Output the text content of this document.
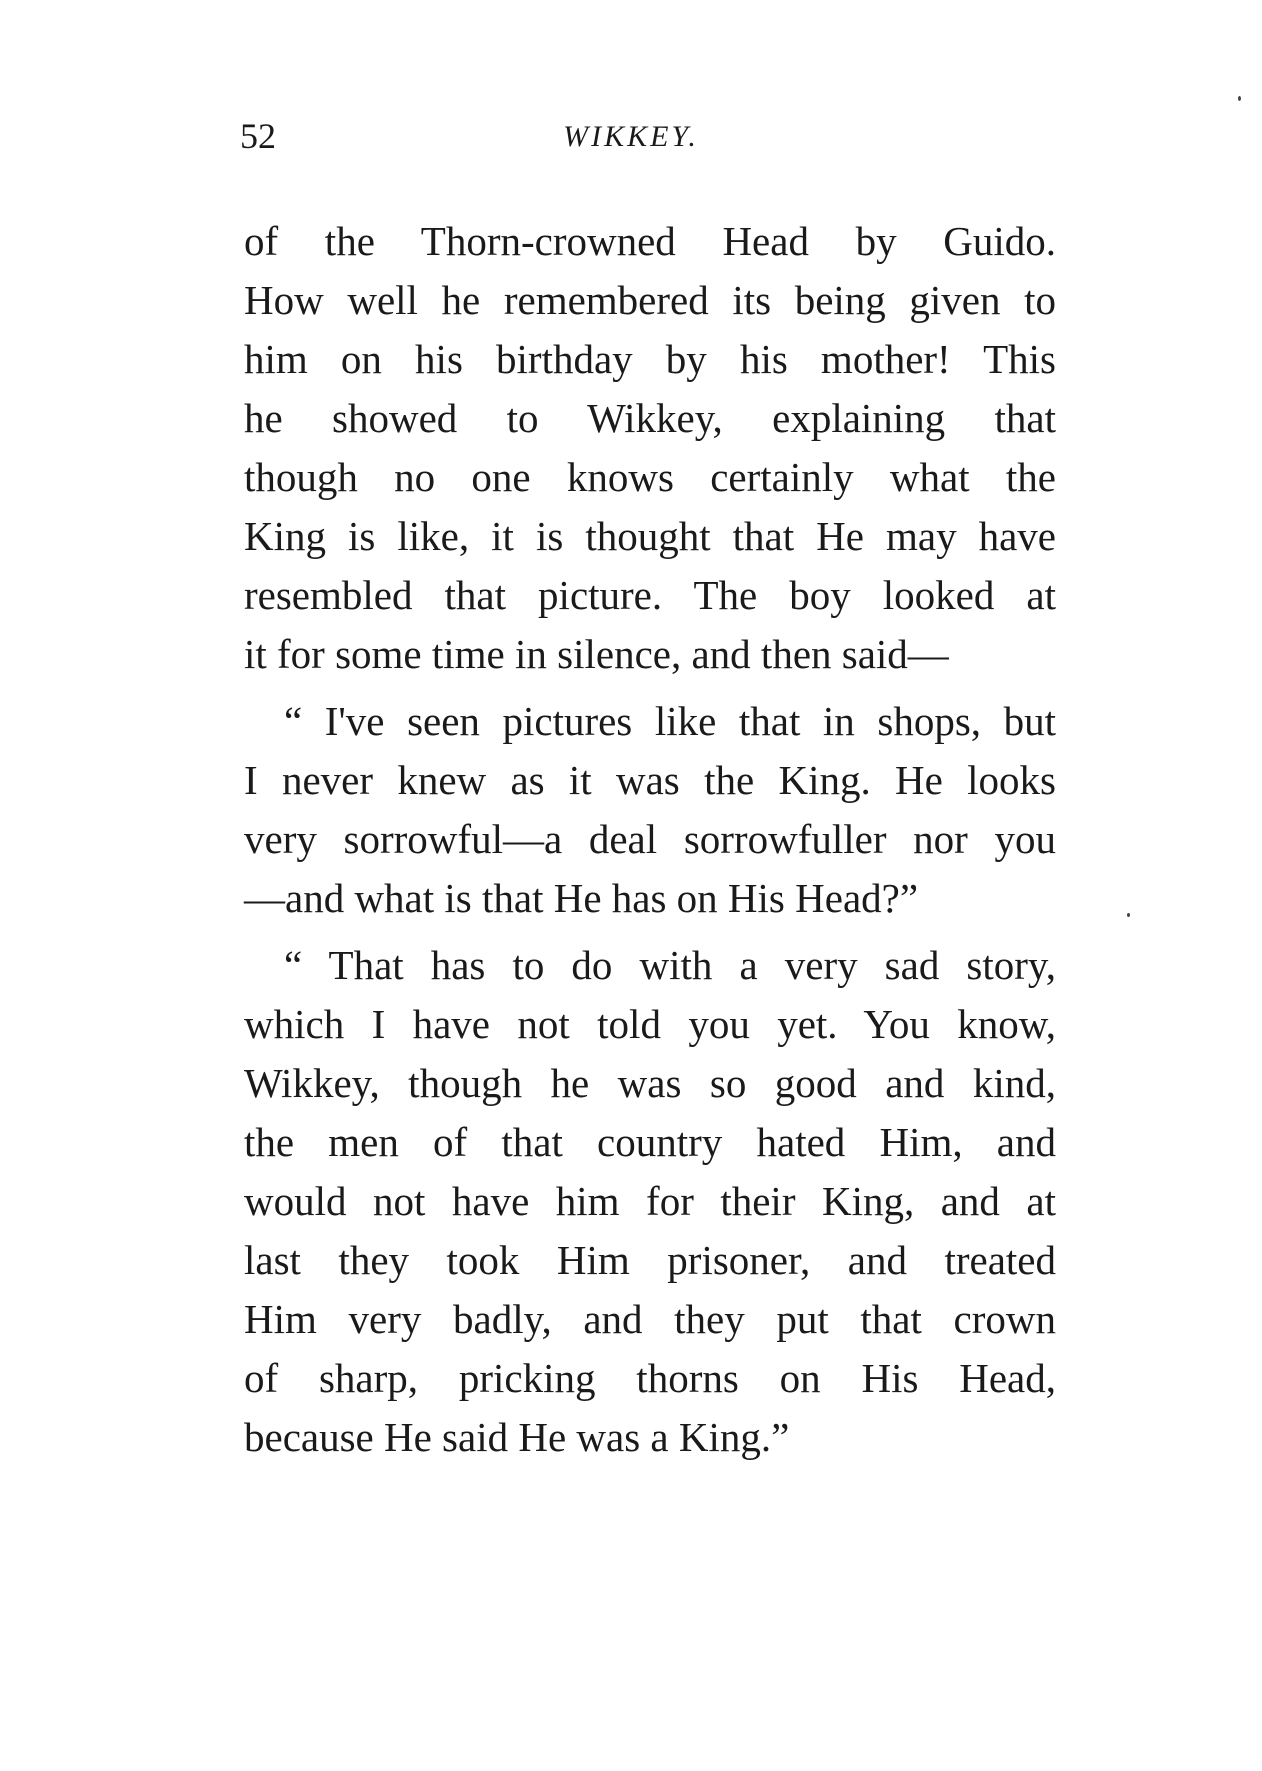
52	WIKKEY.
of the Thorn-crowned Head by Guido.
How well he remembered its being given to
him on his birthday by his mother! This
he showed to Wikkey, explaining that
though no one knows certainly what the
King is like, it is thought that He may have
resembled that picture. The boy looked at
it for some time in silence, and then said—
“ I've seen pictures like that in shops, but
I never knew as it was the King. He looks
very sorrowful—a deal sorrowfuller nor you
—and what is that He has on His Head?”
“ That has to do with a very sad story,
which I have not told you yet. You know,
Wikkey, though he was so good and kind,
the men of that country hated Him, and
would not have him for their King, and at
last they took Him prisoner, and treated
Him very badly, and they put that crown
of sharp, pricking thorns on His Head,
because He said He was a King.”
